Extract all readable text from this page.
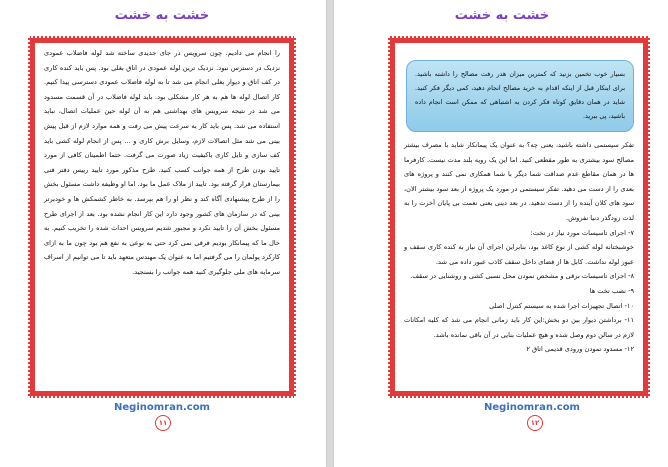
خشت به خشت

را انجام می دادیم. چون سرویس در جای جدیدی ساخته شد لوله فاضلاب عمودی نزدیک در دسترس نبود. نزدیک ترین لوله عمودی در اتاق بغلی بود. پس باید کنده کاری در کف اتاق و دیوار بغلی انجام می شد تا به لوله فاضلاب عمودی دسترسی پیدا کنیم. کار اتصال لوله ها هم به هر کار مشکلی بود. باید لوله فاضلاب در آن قسمت مسدود می شد در نتیجه سرویس های بهداشتی هم به آن لوله حین عملیات اتصال، نباید استفاده می شد. پس باید کار به سرعت پیش می رفت و همه موارد لازم از قبل پیش بینی می شد مثل اتصالات لازم، وسایل برش کاری و ... پس از انجام لوله کشی باید کف سازی و تایل کاری باکیفیت زیاد صورت می گرفت. حتما اطمینان کافی از مورد تایید بودن طرح از همه جوانب کسب کنید. طرح مذکور مورد تایید رییس دفتر فنی بیمارستان قرار گرفته بود. تایید از ملاک عمل ما بود. اما او وظیفه داشت مسئول بخش را از طرح پیشنهادی آگاه کند و نظر او را هم بپرسد. به خاطر کشمکش ها و خودبرتر بینی که در سازمان های کشور وجود دارد این کار انجام نشده بود. بعد از اجرای طرح مسئول بخش آن را تایید نکرد و مجبور شدیم سرویس احداث شده را تخریب کنیم. به حال ما که پیمانکار بودیم فرقی نمی کرد حتی به نوعی به نفع هم بود چون ما به ازای کارکرد پولمان را می گرفتیم اما به عنوان یک مهندس متعهد باید تا می توانیم از اسراف سرمایه های ملی جلوگیری کنید همه جوانب را بسنجید.

Neginomran.com
۱۱
خشت به خشت
بسیار خوب تخمین بزنید که کمترین میزان هدر رفت مصالح را داشته باشید. برای اینکار قبل از اینکه اقدام به خرید مصالح انجام دهید، کمی دیگر فکر کنید. شاید در همان دقایق کوتاه فکر کردن به اشتباهی که ممکن است انجام داده باشید، پی ببرید.

تفکر سیستمی داشته باشید، یعنی چه؟ به عنوان یک پیمانکار شاید با مصرف بیشتر مصالح سود بیشتری به طور مقطعی کنید. اما این یک رویه بلند مدت نیست. کارفرما ها در همان مقاطع عدم صداقت شما دیگر با شما همکاری نمی کنند و پروژه های بعدی را از دست می دهید. تفکر سیستمی در مورد یک پروژه از بعد سود بیشتر الان، سود های کلان آینده را از دست ندهید. در بعد دینی یعنی نعمت بی پایان آخرت را به لذت زودگذر دنیا نفروش.

۷- اجرای تاسیسات مورد نیاز در تخت:

خوشبختانه لوله کشی از نوع کاغذ بود، بنابراین اجرای آن نیاز به کنده کاری سقف و عبور لوله نداشت. کابل ها از فضای داخل سقف کاذب عبور داده می شد.

۸- اجرای تاسیسات برقی و مشخص نمودن محل نسبی کشی و روشنایی در سقف.

۹- نصب تخت ها

۱۰- اتصال تجهیزات اجرا شده به سیستم کنترل اصلی

۱۱- برداشتن دیوار بین دو بخش:این کار باید زمانی انجام می شد که کلیه امکانات لازم در سالن دوم وصل شده و هیچ عملیات بنایی در آن باقی نمانده باشد.

۱۲- مسدود نمودن ورودی قدیمی اتاق ۲

Neginomran.com
۱۲
